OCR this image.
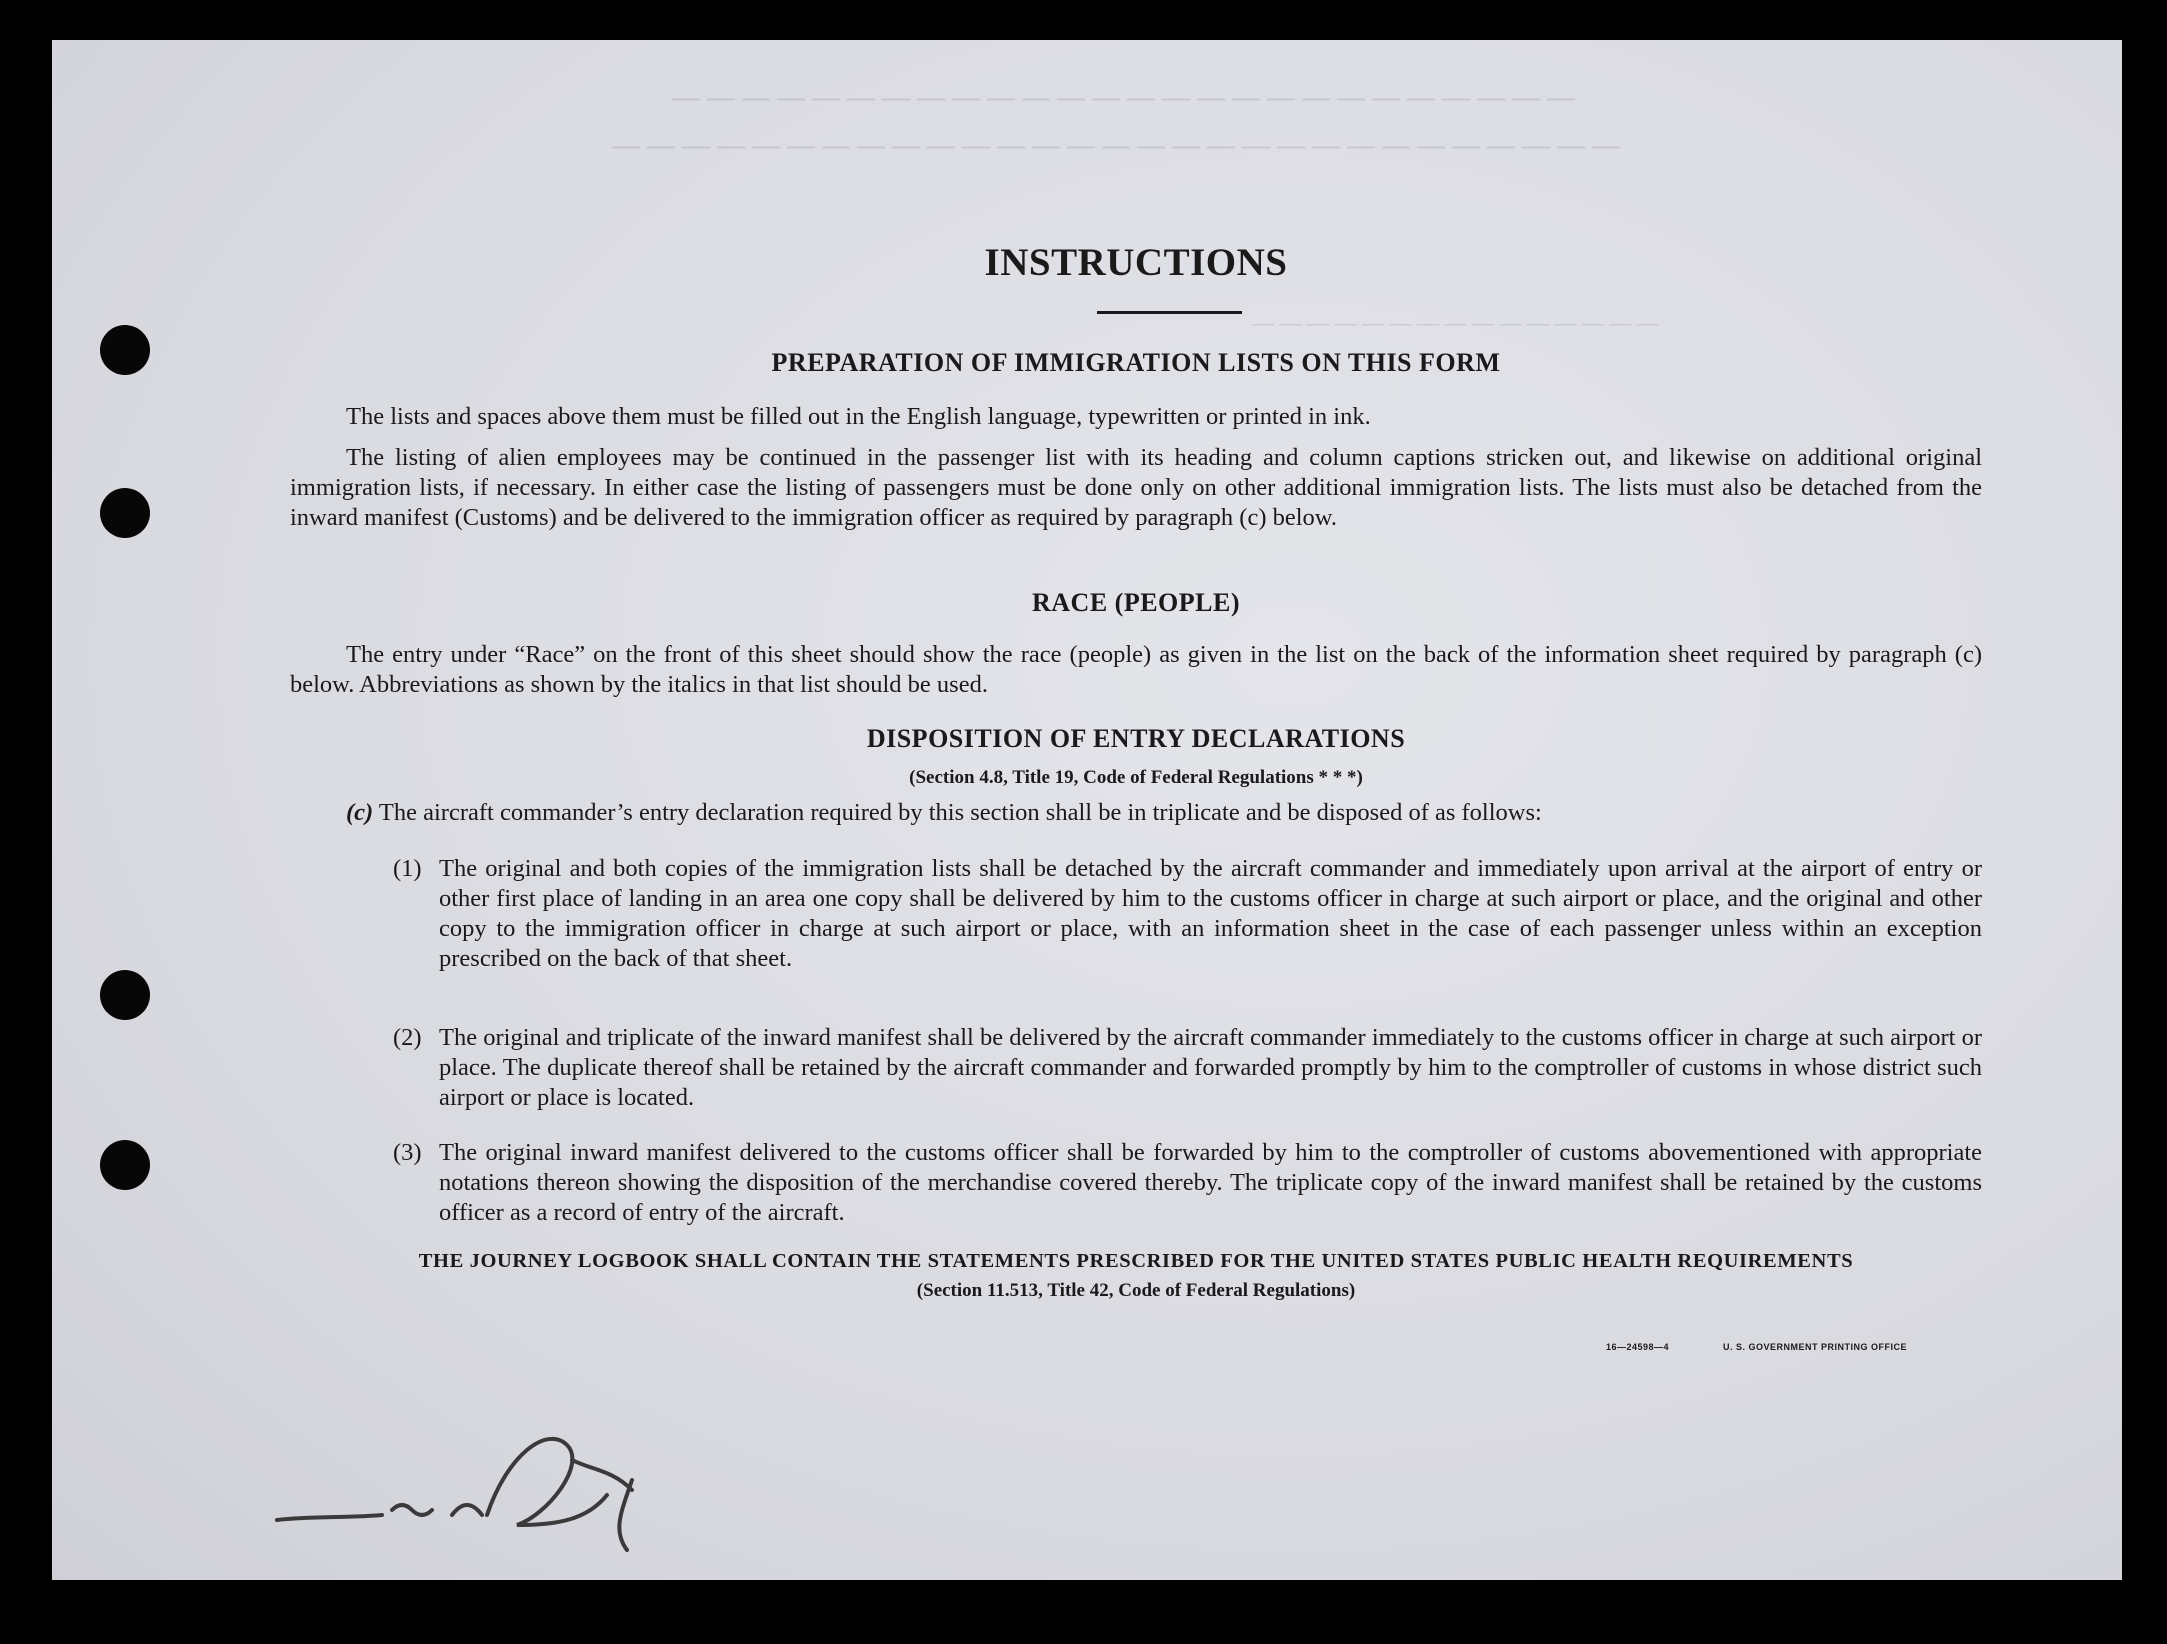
— — — — — — — — — — — — — — — — — — — — — — — — — —
— — — — — — — — — — — — — — — — — — — — — — — — — — — — —
— — — — — — — — — — — — — — —
INSTRUCTIONS
PREPARATION OF IMMIGRATION LISTS ON THIS FORM
The lists and spaces above them must be filled out in the English language, typewritten or printed in ink.
The listing of alien employees may be continued in the passenger list with its heading and column captions stricken out, and likewise on additional original immigration lists, if necessary. In either case the listing of passengers must be done only on other additional immigration lists. The lists must also be detached from the inward manifest (Customs) and be delivered to the immigration officer as required by paragraph (c) below.
RACE (PEOPLE)
The entry under “Race” on the front of this sheet should show the race (people) as given in the list on the back of the information sheet required by paragraph (c) below. Abbreviations as shown by the italics in that list should be used.
DISPOSITION OF ENTRY DECLARATIONS
(Section 4.8, Title 19, Code of Federal Regulations * * *)
(c) The aircraft commander’s entry declaration required by this section shall be in triplicate and be disposed of as follows:
(1) The original and both copies of the immigration lists shall be detached by the aircraft commander and immediately upon arrival at the airport of entry or other first place of landing in an area one copy shall be delivered by him to the customs officer in charge at such airport or place, and the original and other copy to the immigration officer in charge at such airport or place, with an information sheet in the case of each passenger unless within an exception prescribed on the back of that sheet.
(2) The original and triplicate of the inward manifest shall be delivered by the aircraft commander immediately to the customs officer in charge at such airport or place. The duplicate thereof shall be retained by the aircraft commander and forwarded promptly by him to the comptroller of customs in whose district such airport or place is located.
(3) The original inward manifest delivered to the customs officer shall be forwarded by him to the comptroller of customs abovementioned with appropriate notations thereon showing the disposition of the merchandise covered thereby. The triplicate copy of the inward manifest shall be retained by the customs officer as a record of entry of the aircraft.
THE JOURNEY LOGBOOK SHALL CONTAIN THE STATEMENTS PRESCRIBED FOR THE UNITED STATES PUBLIC HEALTH REQUIREMENTS
(Section 11.513, Title 42, Code of Federal Regulations)
16—24598—4	U. S. GOVERNMENT PRINTING OFFICE
